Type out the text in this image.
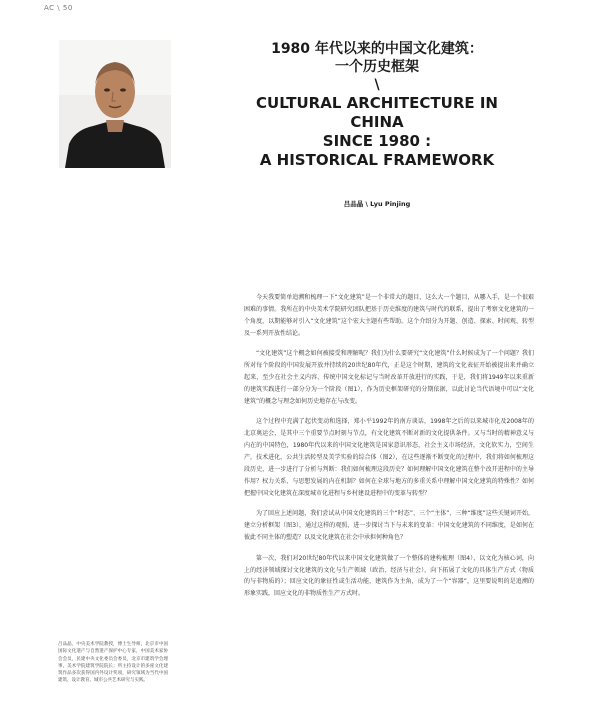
AC \ 50
1980 年代以来的中国文化建筑：
一个历史框架
\
CULTURAL ARCHITECTURE IN CHINA
SINCE 1980 :
A HISTORICAL FRAMEWORK
吕品晶 \ Lyu Pinjing

今天我要简单追溯和梳理一下“文化建筑”是一个非常大的题目，这么大一个题目，从哪入手，是一个很艰困难的事情。我所在的中央美术学院研究团队把基于历史维度的建筑与时代的联系，提出了考察文化建筑的一个角度，以期能够对引入“文化建筑”这个宏大主题有些帮助。这个介绍分为开题、创造、探索、时间观、转型及一系列开放性结论。

“文化建筑”这个概念如何被接受和理解呢？我们为什么要研究“文化建筑”什么时候成为了一个问题？我们所对每个阶段的中国发展开放并持续的20世纪80年代，正是这个时期，建筑的文化表征开始被提出来并确立起来，至少在社会主义内容、传统中国文化标记与当时改革开放进行的实践，于是，我们将1949年以来重新的建筑实践进行一部分分为一个阶段（图1），作为历史框架研究的分期依据，以此讨论当代语境中可以“文化建筑”的概念与理念如何历史地存在与改变。

这个过程中充满了起伏变动和选择，郑小平1992年的南方谈话，1998年之后的以来城市化及2008年的北京奥运会，是其中三个重要节点时刻与节点，有文化建筑不断对新的文化提供条件。又与当时的精神意义与内在的中国特色，1980年代以来的中国文化建筑是国家意识形态，社会主义市场经济，文化软实力，空间生产，技术进化，公共生活转型及美学实验的综合体（图2），在这些逐渐不断变化的过程中，我们将如何梳理这段历史，进一步进行了分析与判断：我们如何梳理这段历史？如何理解中国文化建筑在整个改开进程中的主导作用？权力关系、与思想发展的内在机制？如何在全球与地方的多重关系中理解中国文化建筑的特殊性？如何把握中国文化建筑在深度城市化进程与乡村建设进程中的变革与转型？

为了回应上述问题，我们尝试从中国文化建筑的三个“时态”、三个“主体”、三种“维度”这些关键词开始，建立分析框架（图3），通过这样的观照，进一步探讨当下与未来的变革：中国文化建筑的不同维度，是如何在彼此不同主体的塑造？以及文化建筑在社会中承担何种角色？

第一次，我们对20世纪80年代以来中国文化建筑做了一个整体的建构梳理（图4），以文化为核心词，向上的经济领域探讨文化建筑的文化与生产领域（政治、经济与社会），向下拓展了文化的具体生产方式（物质的与非物质的）；回应文化的象征性或生活功能，建筑作为主角，成为了一个“容器”，这里要说明的是追溯的形象实践，回应文化的非物质性生产方式时。

吕品晶，中央美术学院教授，博士生导师，北京市中国国际文化遗产与自然遗产保护中心专家，中国美术家协会会员，民建中央文化委员会委员，北京市建筑学会理事，美术学院建筑学院院长；所主持设计的多座文化建筑作品多次获得国内外设计奖项，研究领域为当代中国建筑、设计教育、城市公共艺术研究与实践。
